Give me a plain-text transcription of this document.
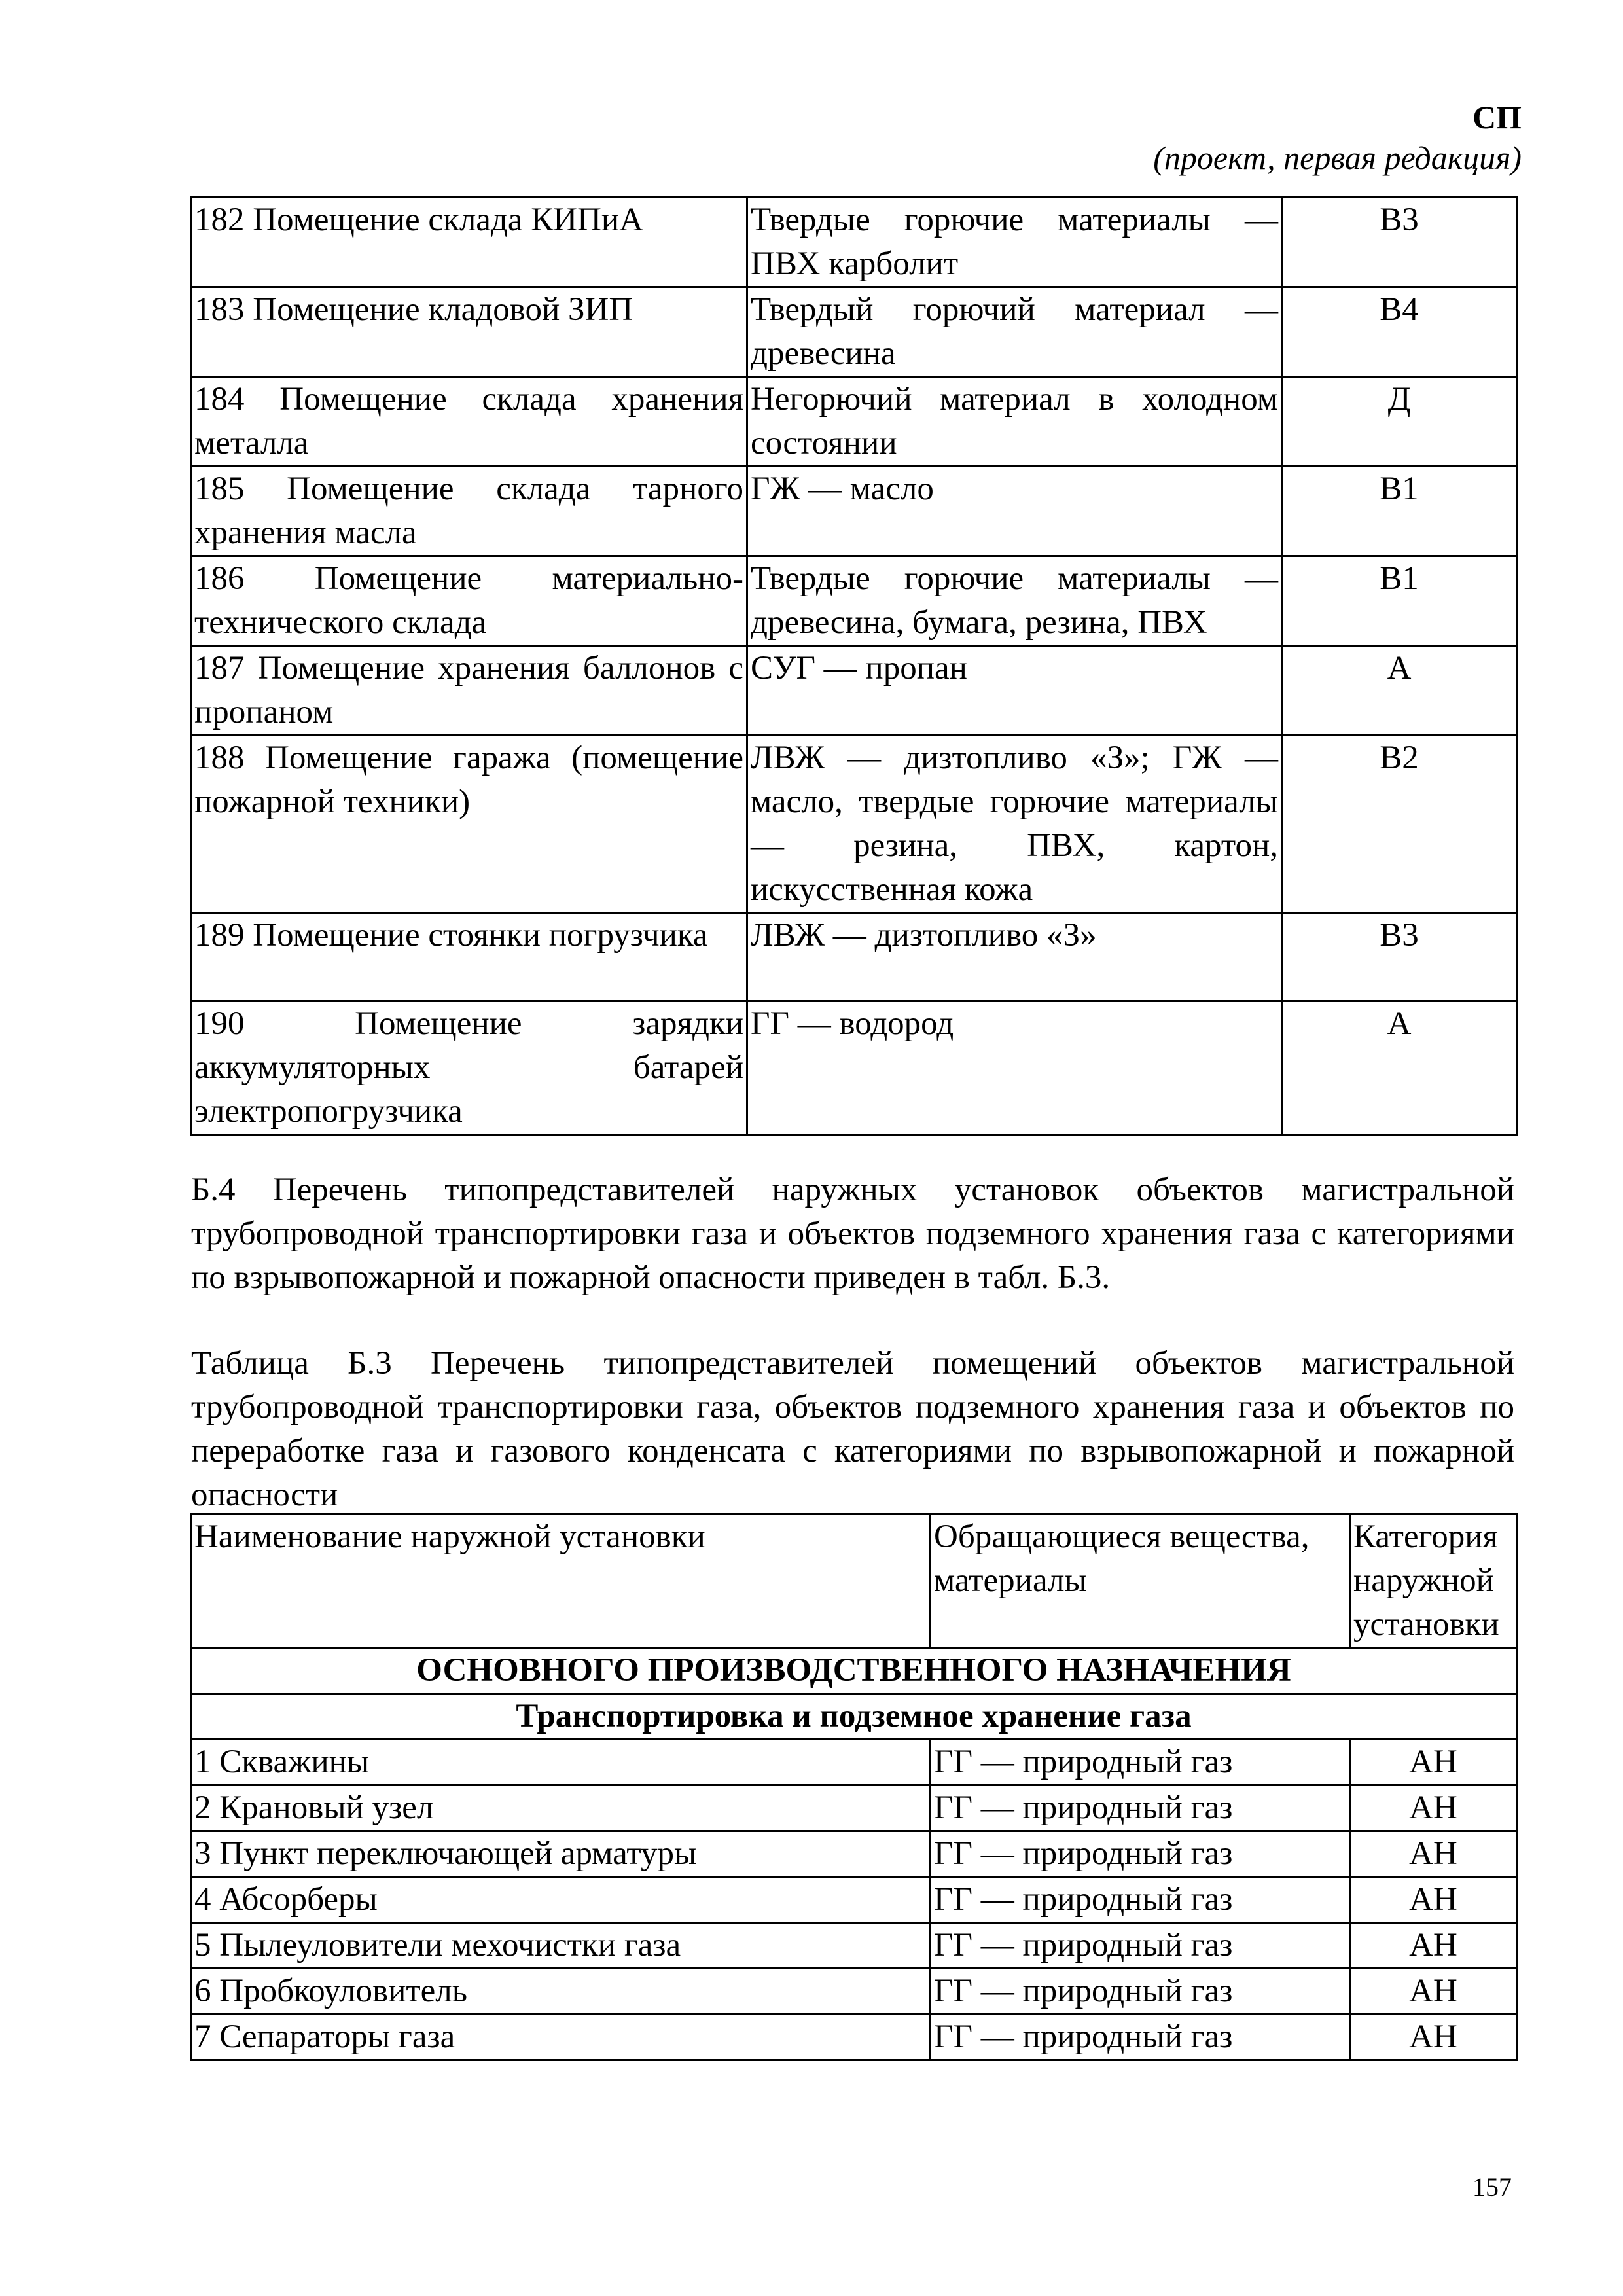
СП
(проект, первая редакция)
182 Помещение склада КИПиА	Твердые горючие материалы — ПВХ карболит	В3
183 Помещение кладовой ЗИП	Твердый горючий материал — древесина	В4
184 Помещение склада хранения металла	Негорючий материал в холодном состоянии	Д
185 Помещение склада тарного хранения масла	ГЖ — масло	В1
186 Помещение материально-технического склада	Твердые горючие материалы — древесина, бумага, резина, ПВХ	В1
187 Помещение хранения баллонов с пропаном	СУГ — пропан	А
188 Помещение гаража (помещение пожарной техники)	ЛВЖ — дизтопливо «З»; ГЖ — масло, твердые горючие материалы — резина, ПВХ, картон, искусственная кожа	В2
189 Помещение стоянки погрузчика	ЛВЖ — дизтопливо «З»	В3
190 Помещение зарядки аккумуляторных батарей электропогрузчика	ГГ — водород	А
Б.4 Перечень типопредставителей наружных установок объектов магистральной трубопроводной транспортировки газа и объектов подземного хранения газа с категориями по взрывопожарной и пожарной опасности приведен в табл. Б.3.
Таблица Б.3 Перечень типопредставителей помещений объектов магистральной трубопроводной транспортировки газа, объектов подземного хранения газа и объектов по переработке газа и газового конденсата с категориями по взрывопожарной и пожарной опасности
Наименование наружной установки	Обращающиеся вещества, материалы	Категория наружной установки
ОСНОВНОГО ПРОИЗВОДСТВЕННОГО НАЗНАЧЕНИЯ		
Транспортировка и подземное хранение газа		
1 Скважины	ГГ — природный газ	АН
2 Крановый узел	ГГ — природный газ	АН
3 Пункт переключающей арматуры	ГГ — природный газ	АН
4 Абсорберы	ГГ — природный газ	АН
5 Пылеуловители мехочистки газа	ГГ — природный газ	АН
6 Пробкоуловитель	ГГ — природный газ	АН
7 Сепараторы газа	ГГ — природный газ	АН
157
